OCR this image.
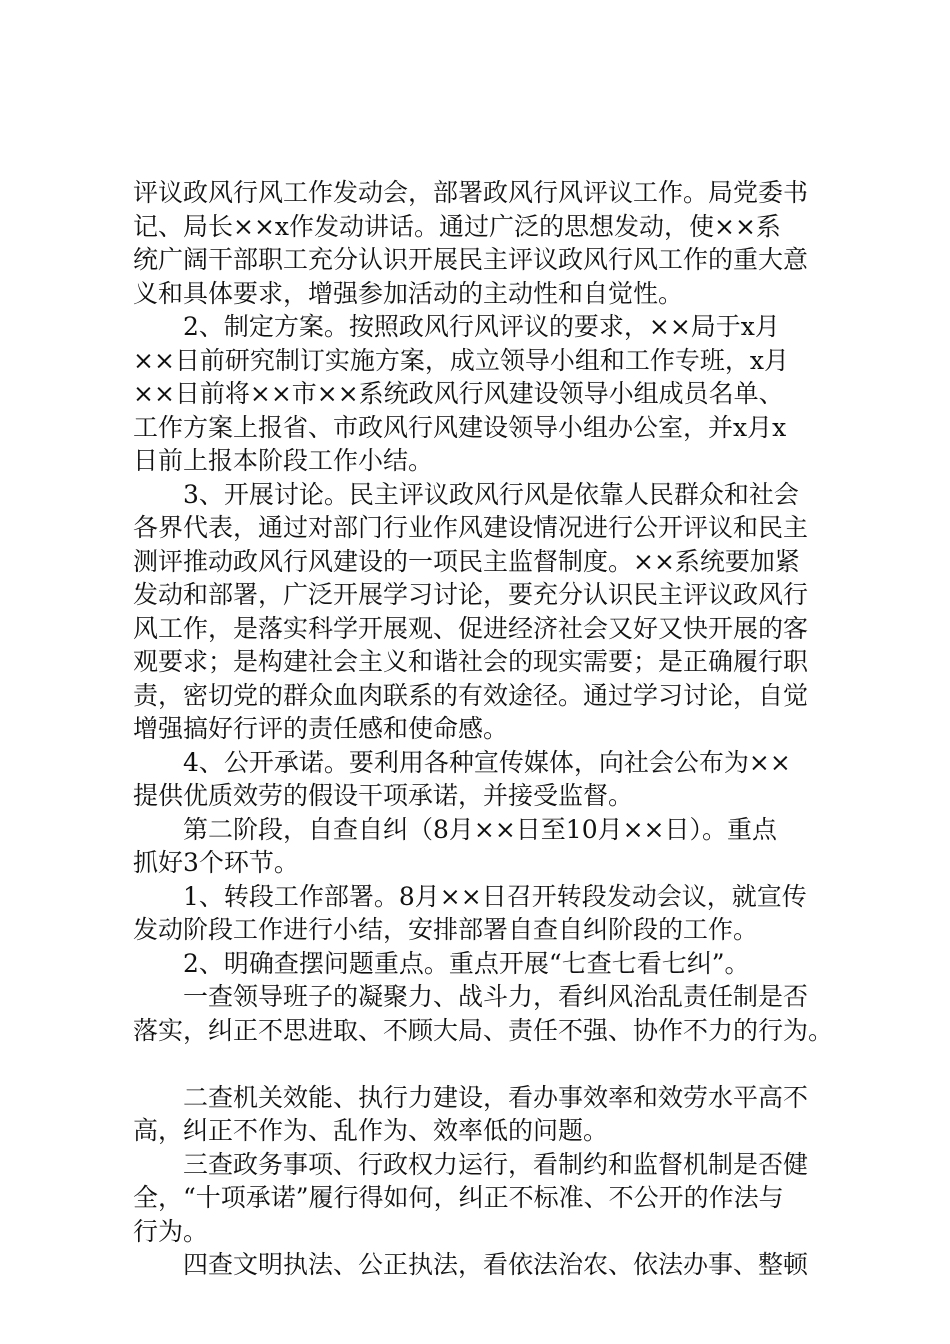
评议政风行风工作发动会，部署政风行风评议工作。局党委书
记、局长××x作发动讲话。通过广泛的思想发动，使××系
统广阔干部职工充分认识开展民主评议政风行风工作的重大意
义和具体要求，增强参加活动的主动性和自觉性。
2、制定方案。按照政风行风评议的要求，××局于x月
××日前研究制订实施方案，成立领导小组和工作专班，x月
××日前将××市××系统政风行风建设领导小组成员名单、
工作方案上报省、市政风行风建设领导小组办公室，并x月x
日前上报本阶段工作小结。
3、开展讨论。民主评议政风行风是依靠人民群众和社会
各界代表，通过对部门行业作风建设情况进行公开评议和民主
测评推动政风行风建设的一项民主监督制度。××系统要加紧
发动和部署，广泛开展学习讨论，要充分认识民主评议政风行
风工作，是落实科学开展观、促进经济社会又好又快开展的客
观要求；是构建社会主义和谐社会的现实需要；是正确履行职
责，密切党的群众血肉联系的有效途径。通过学习讨论，自觉
增强搞好行评的责任感和使命感。
4、公开承诺。要利用各种宣传媒体，向社会公布为××
提供优质效劳的假设干项承诺，并接受监督。
第二阶段，自查自纠（8月××日至10月××日）。重点
抓好3个环节。
1、转段工作部署。8月××日召开转段发动会议，就宣传
发动阶段工作进行小结，安排部署自查自纠阶段的工作。
2、明确查摆问题重点。重点开展“七查七看七纠”。
一查领导班子的凝聚力、战斗力，看纠风治乱责任制是否
落实，纠正不思进取、不顾大局、责任不强、协作不力的行为。
二查机关效能、执行力建设，看办事效率和效劳水平高不
高，纠正不作为、乱作为、效率低的问题。
三查政务事项、行政权力运行，看制约和监督机制是否健
全，“十项承诺”履行得如何，纠正不标准、不公开的作法与
行为。
四查文明执法、公正执法，看依法治农、依法办事、整顿
